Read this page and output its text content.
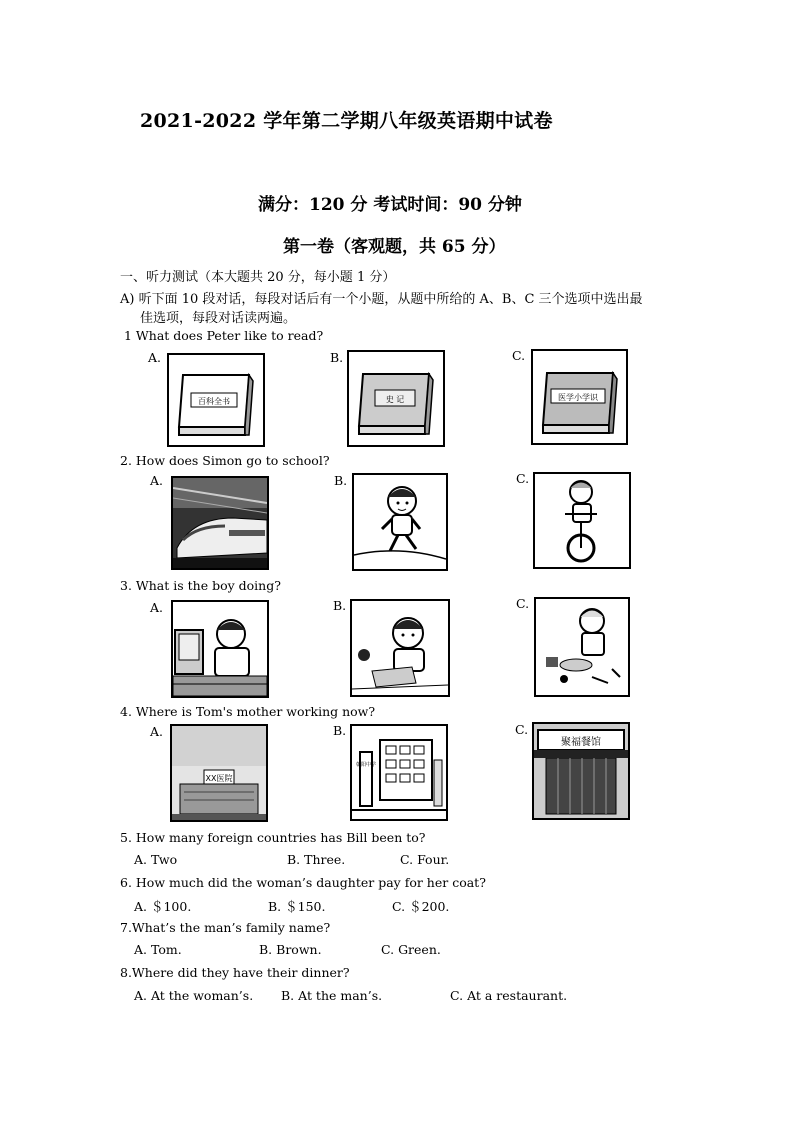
2021-2022 学年第二学期八年级英语期中试卷
满分：120 分 考试时间：90 分钟
第一卷（客观题，共 65 分）
一、听力测试（本大题共 20 分，每小题 1 分）
A) 听下面 10 段对话，每段对话后有一个小题，从题中所给的 A、B、C 三个选项中选出最
佳选项，每段对话读两遍。
1 What does Peter like to read?
A.
百科全书
B.
史 记
C.
医学小学识
2. How does Simon go to school?
A.	B.	C.
3. What is the boy doing?
A.	B.	C.
4. Where is Tom's mother working now?
A.
XX医院
B.
朝阳中学
C.
聚福餐馆
5. How many foreign countries has Bill been to?
A. Two	B. Three.	C. Four.
6. How much did the woman’s daughter pay for her coat?
A. ＄100.	B. ＄150.	C. ＄200.
7.What’s the man’s family name?
A. Tom.	B. Brown.	C. Green.
8.Where did they have their dinner?
A. At the woman’s. B. At the man’s.	C. At a restaurant.
